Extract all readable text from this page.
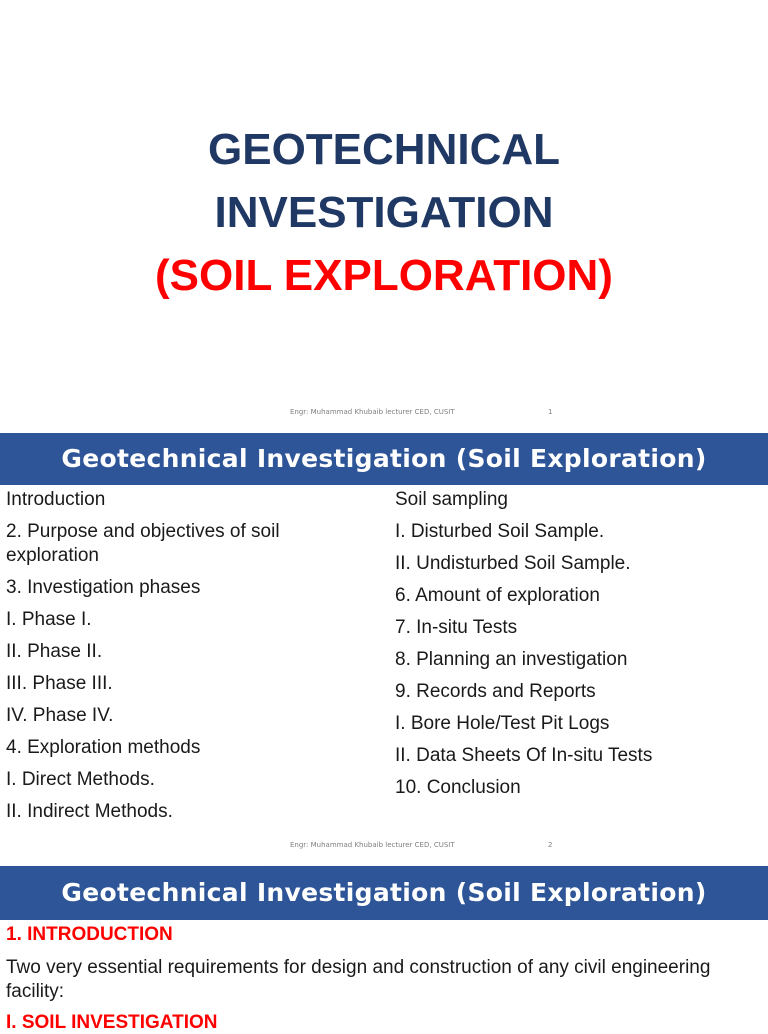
GEOTECHNICAL
INVESTIGATION
(SOIL EXPLORATION)
Engr: Muhammad Khubaib lecturer CED, CUSIT	1
Geotechnical Investigation (Soil Exploration)
Introduction
2. Purpose and objectives of soil exploration
3. Investigation phases
I. Phase I.
II. Phase II.
III. Phase III.
IV. Phase IV.
4. Exploration methods
I. Direct Methods.
II. Indirect Methods.
Soil sampling
I. Disturbed Soil Sample.
II. Undisturbed Soil Sample.
6. Amount of exploration
7. In-situ Tests
8. Planning an investigation
9. Records and Reports
I. Bore Hole/Test Pit Logs
II. Data Sheets Of In-situ Tests
10. Conclusion
Engr: Muhammad Khubaib lecturer CED, CUSIT	2
Geotechnical Investigation (Soil Exploration)
1. INTRODUCTION
Two very essential requirements for design and construction of any civil engineering facility:
I. SOIL INVESTIGATION
